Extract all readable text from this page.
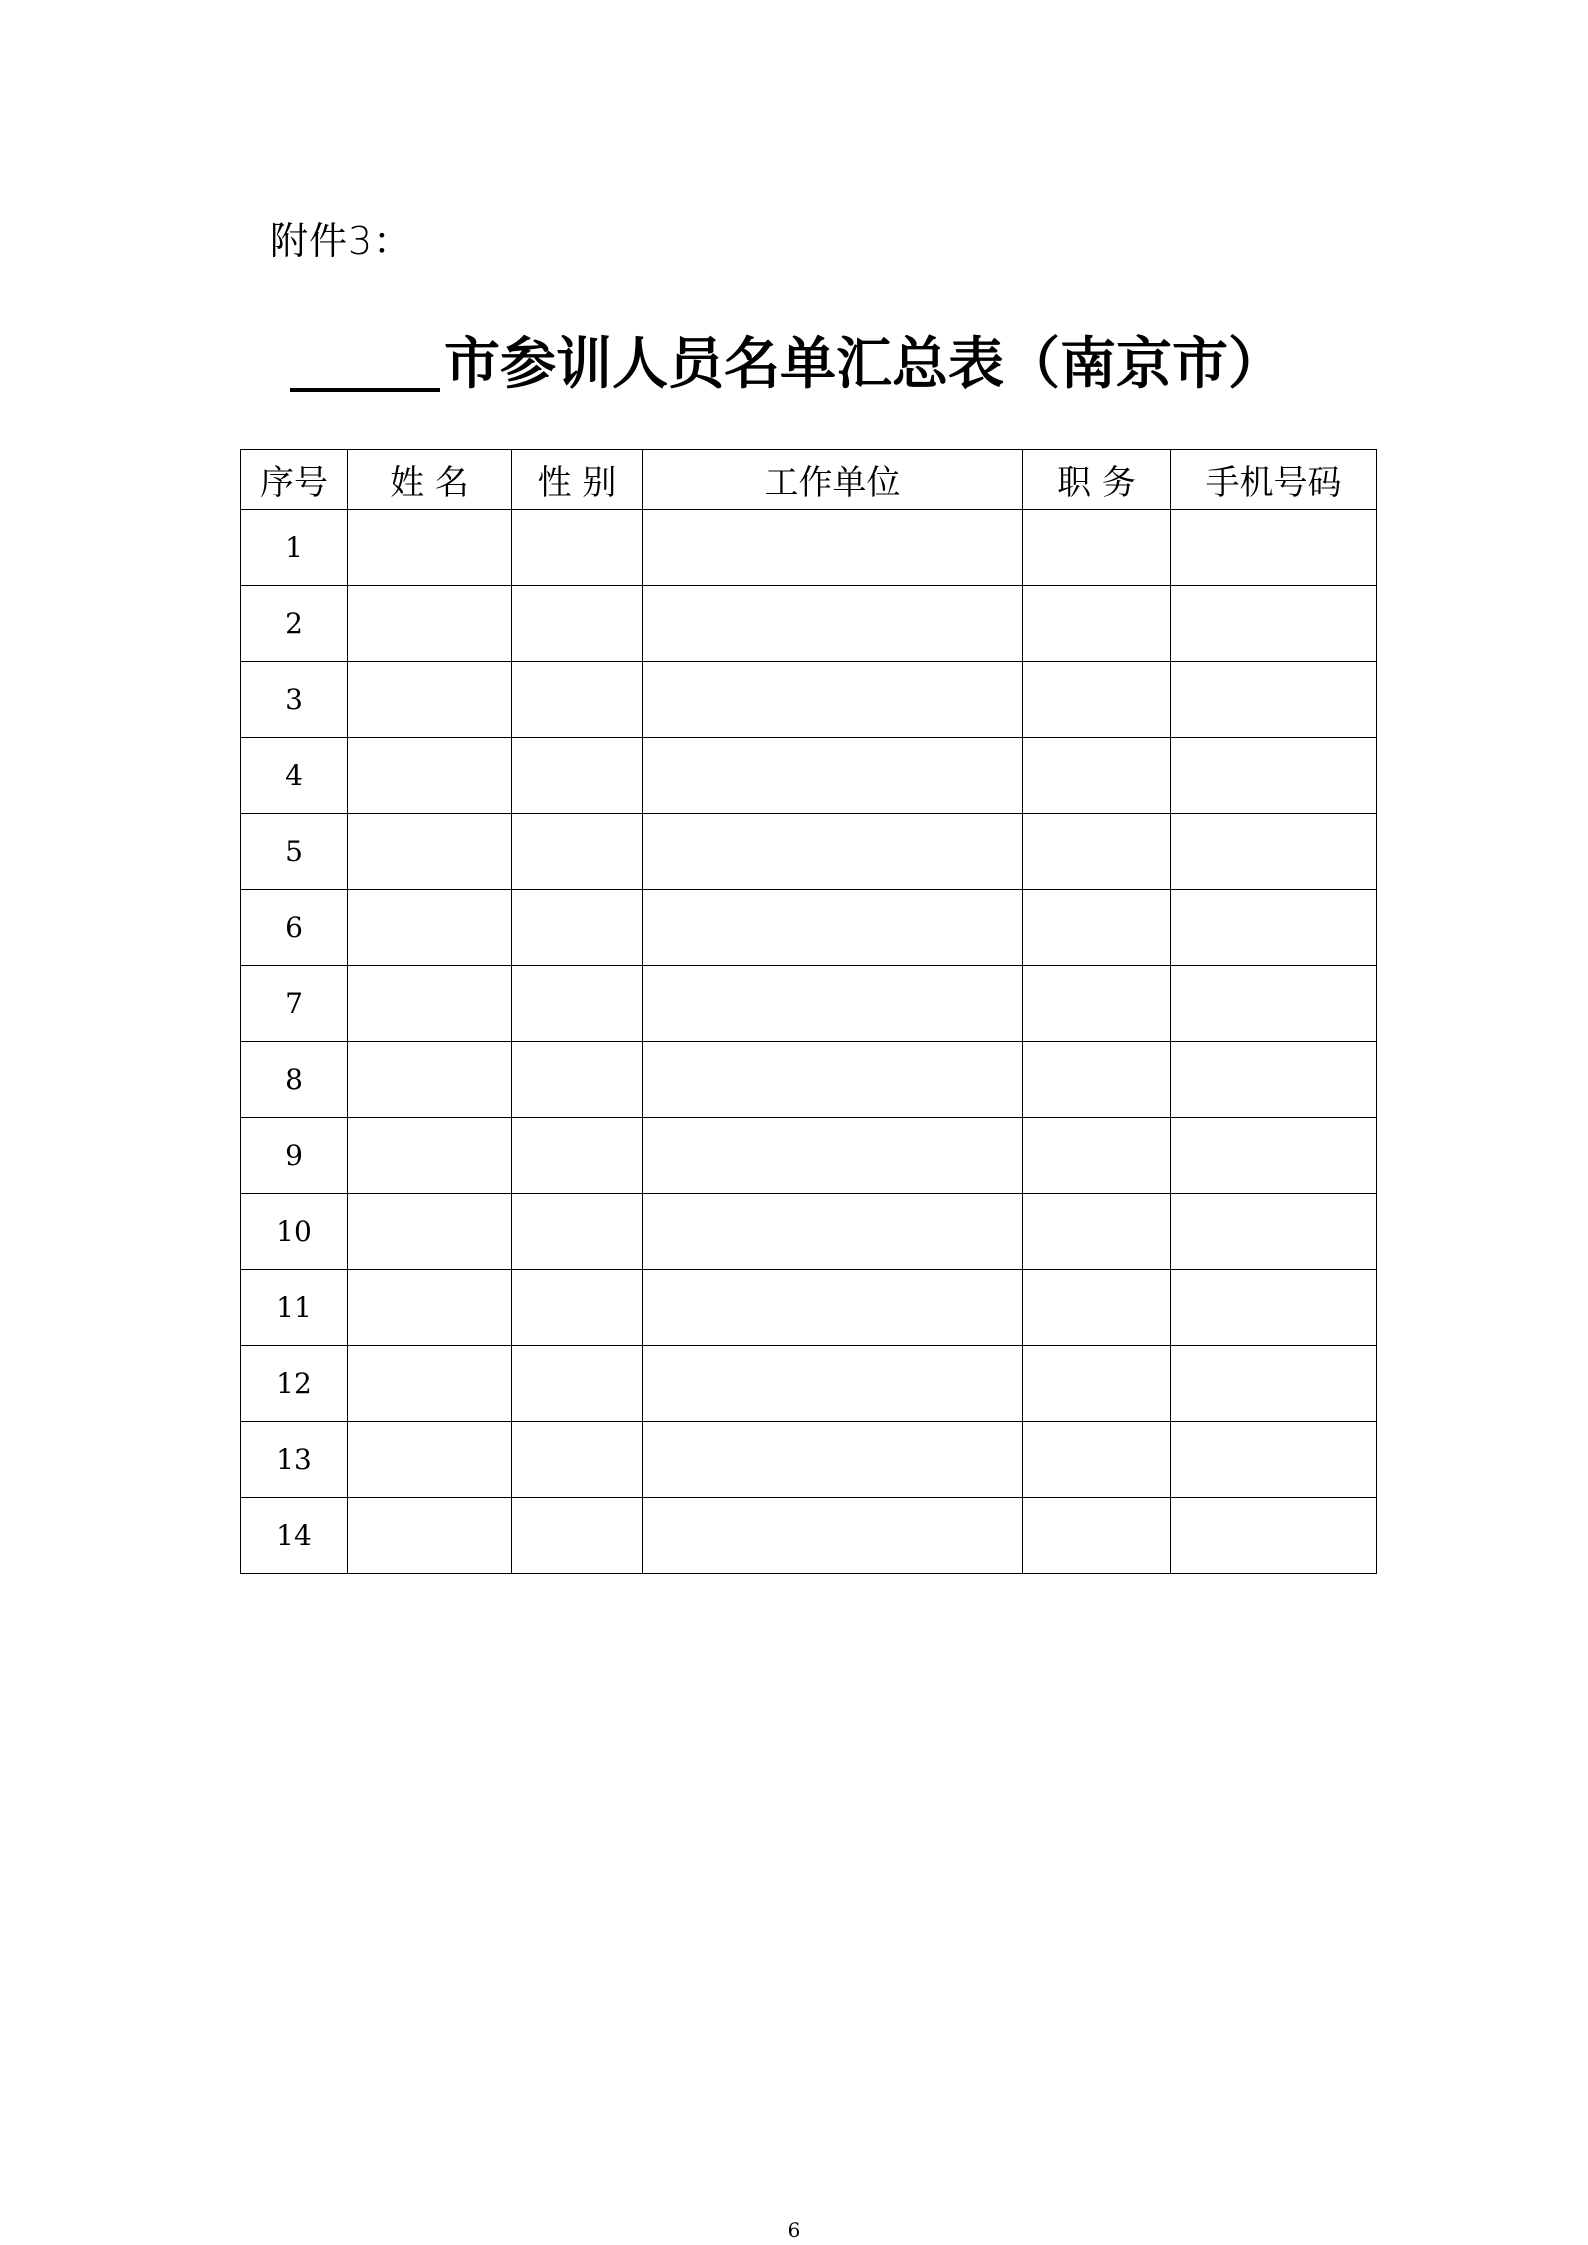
附件3：
市参训人员名单汇总表（南京市）
序号	姓 名	性 别	工作单位	职 务	手机号码
1					
2					
3					
4					
5					
6					
7					
8					
9					
10					
11					
12					
13					
14					
6
